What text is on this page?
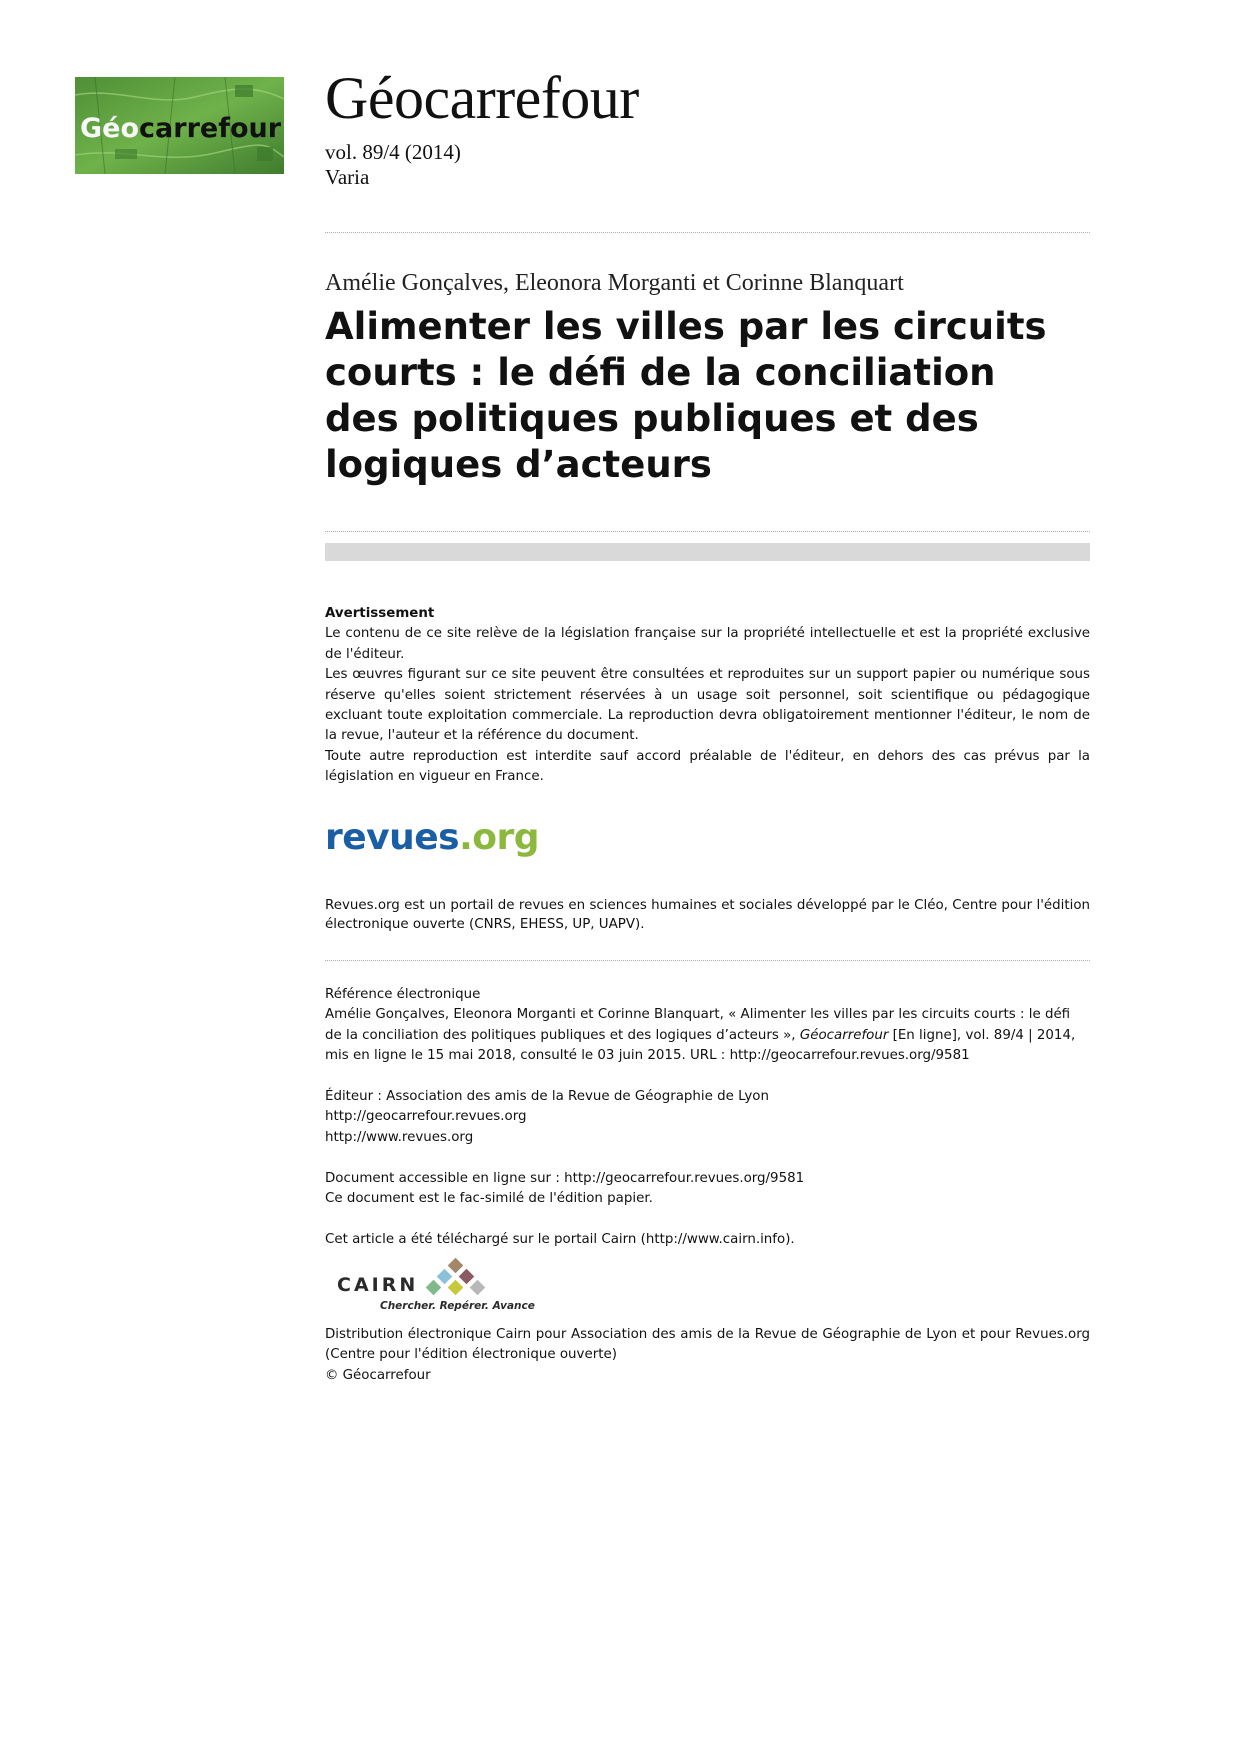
Géocarrefour Géocarrefour
vol. 89/4 (2014)
Varia
Amélie Gonçalves, Eleonora Morganti et Corinne Blanquart
Alimenter les villes par les circuits courts : le défi de la conciliation des politiques publiques et des logiques d’acteurs

Avertissement

Le contenu de ce site relève de la législation française sur la propriété intellectuelle et est la propriété exclusive de l'éditeur.

Les œuvres figurant sur ce site peuvent être consultées et reproduites sur un support papier ou numérique sous réserve qu'elles soient strictement réservées à un usage soit personnel, soit scientifique ou pédagogique excluant toute exploitation commerciale. La reproduction devra obligatoirement mentionner l'éditeur, le nom de la revue, l'auteur et la référence du document.

Toute autre reproduction est interdite sauf accord préalable de l'éditeur, en dehors des cas prévus par la législation en vigueur en France.

revues.org

Revues.org est un portail de revues en sciences humaines et sociales développé par le Cléo, Centre pour l'édition électronique ouverte (CNRS, EHESS, UP, UAPV).

Référence électronique

Amélie Gonçalves, Eleonora Morganti et Corinne Blanquart, « Alimenter les villes par les circuits courts : le défi de la conciliation des politiques publiques et des logiques d’acteurs », Géocarrefour [En ligne], vol. 89/4 | 2014, mis en ligne le 15 mai 2018, consulté le 03 juin 2015. URL : http://geocarrefour.revues.org/9581

Éditeur : Association des amis de la Revue de Géographie de Lyon

http://geocarrefour.revues.org

http://www.revues.org

Document accessible en ligne sur : http://geocarrefour.revues.org/9581

Ce document est le fac-similé de l'édition papier.

Cet article a été téléchargé sur le portail Cairn (http://www.cairn.info).

CAIRN
Chercher. Repérer. Avancer.

Distribution électronique Cairn pour Association des amis de la Revue de Géographie de Lyon et pour Revues.org (Centre pour l'édition électronique ouverte)

© Géocarrefour
